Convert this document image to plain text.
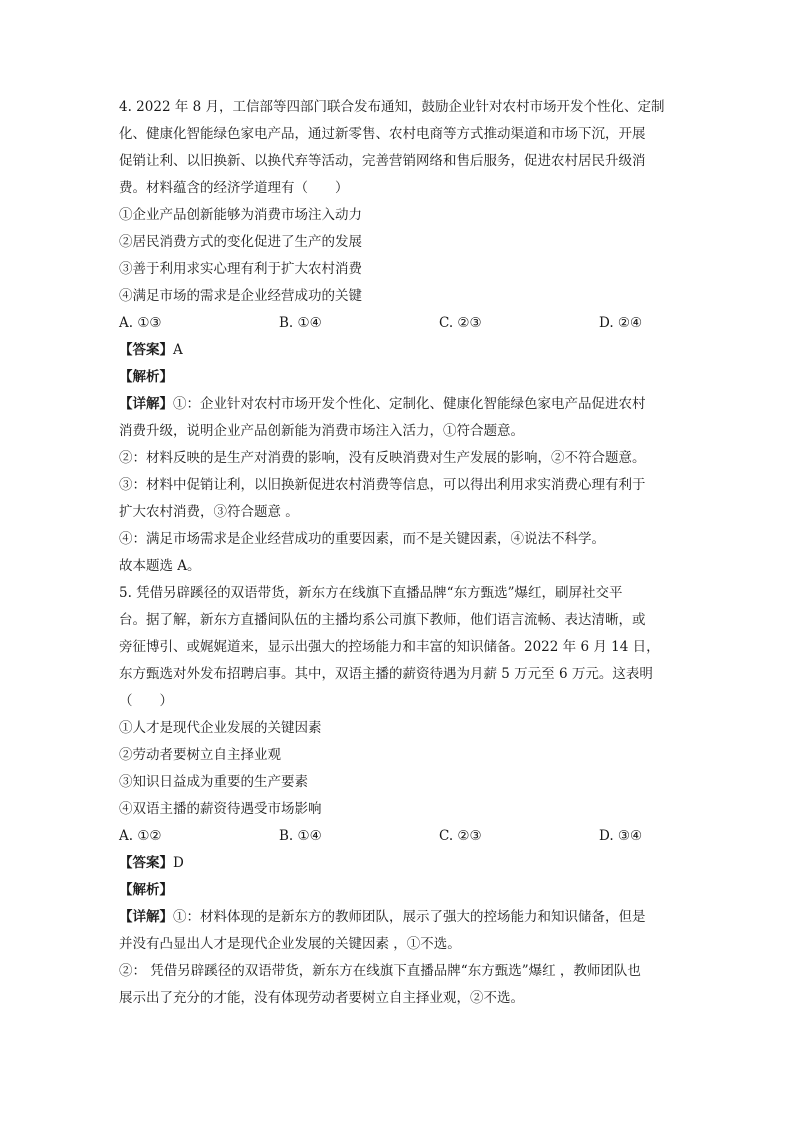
4. 2022 年 8 月，工信部等四部门联合发布通知，鼓励企业针对农村市场开发个性化、定制
化、健康化智能绿色家电产品，通过新零售、农村电商等方式推动渠道和市场下沉，开展
促销让利、以旧换新、以换代弃等活动，完善营销网络和售后服务，促进农村居民升级消
费。材料蕴含的经济学道理有（　　）
①企业产品创新能够为消费市场注入动力
②居民消费方式的变化促进了生产的发展
③善于利用求实心理有利于扩大农村消费
④满足市场的需求是企业经营成功的关键
A. ①③	B. ①④	C. ②③	D. ②④
【答案】A
【解析】
【详解】①：企业针对农村市场开发个性化、定制化、健康化智能绿色家电产品促进农村
消费升级，说明企业产品创新能为消费市场注入活力，①符合题意。
②：材料反映的是生产对消费的影响，没有反映消费对生产发展的影响，②不符合题意。
③：材料中促销让利，以旧换新促进农村消费等信息，可以得出利用求实消费心理有利于
扩大农村消费，③符合题意 。
④：满足市场需求是企业经营成功的重要因素，而不是关键因素，④说法不科学。
故本题选 A。
5. 凭借另辟蹊径的双语带货，新东方在线旗下直播品牌“东方甄选”爆红，刷屏社交平
台。据了解，新东方直播间队伍的主播均系公司旗下教师，他们语言流畅、表达清晰，或
旁征博引、或娓娓道来，显示出强大的控场能力和丰富的知识储备。2022 年 6 月 14 日，
东方甄选对外发布招聘启事。其中，双语主播的薪资待遇为月薪 5 万元至 6 万元。这表明
（　　）
①人才是现代企业发展的关键因素
②劳动者要树立自主择业观
③知识日益成为重要的生产要素
④双语主播的薪资待遇受市场影响
A. ①②	B. ①④	C. ②③	D. ③④
【答案】D
【解析】
【详解】①：材料体现的是新东方的教师团队，展示了强大的控场能力和知识储备，但是
并没有凸显出人才是现代企业发展的关键因素 ，①不选。
②： 凭借另辟蹊径的双语带货，新东方在线旗下直播品牌“东方甄选”爆红 ，教师团队也
展示出了充分的才能，没有体现劳动者要树立自主择业观，②不选。
